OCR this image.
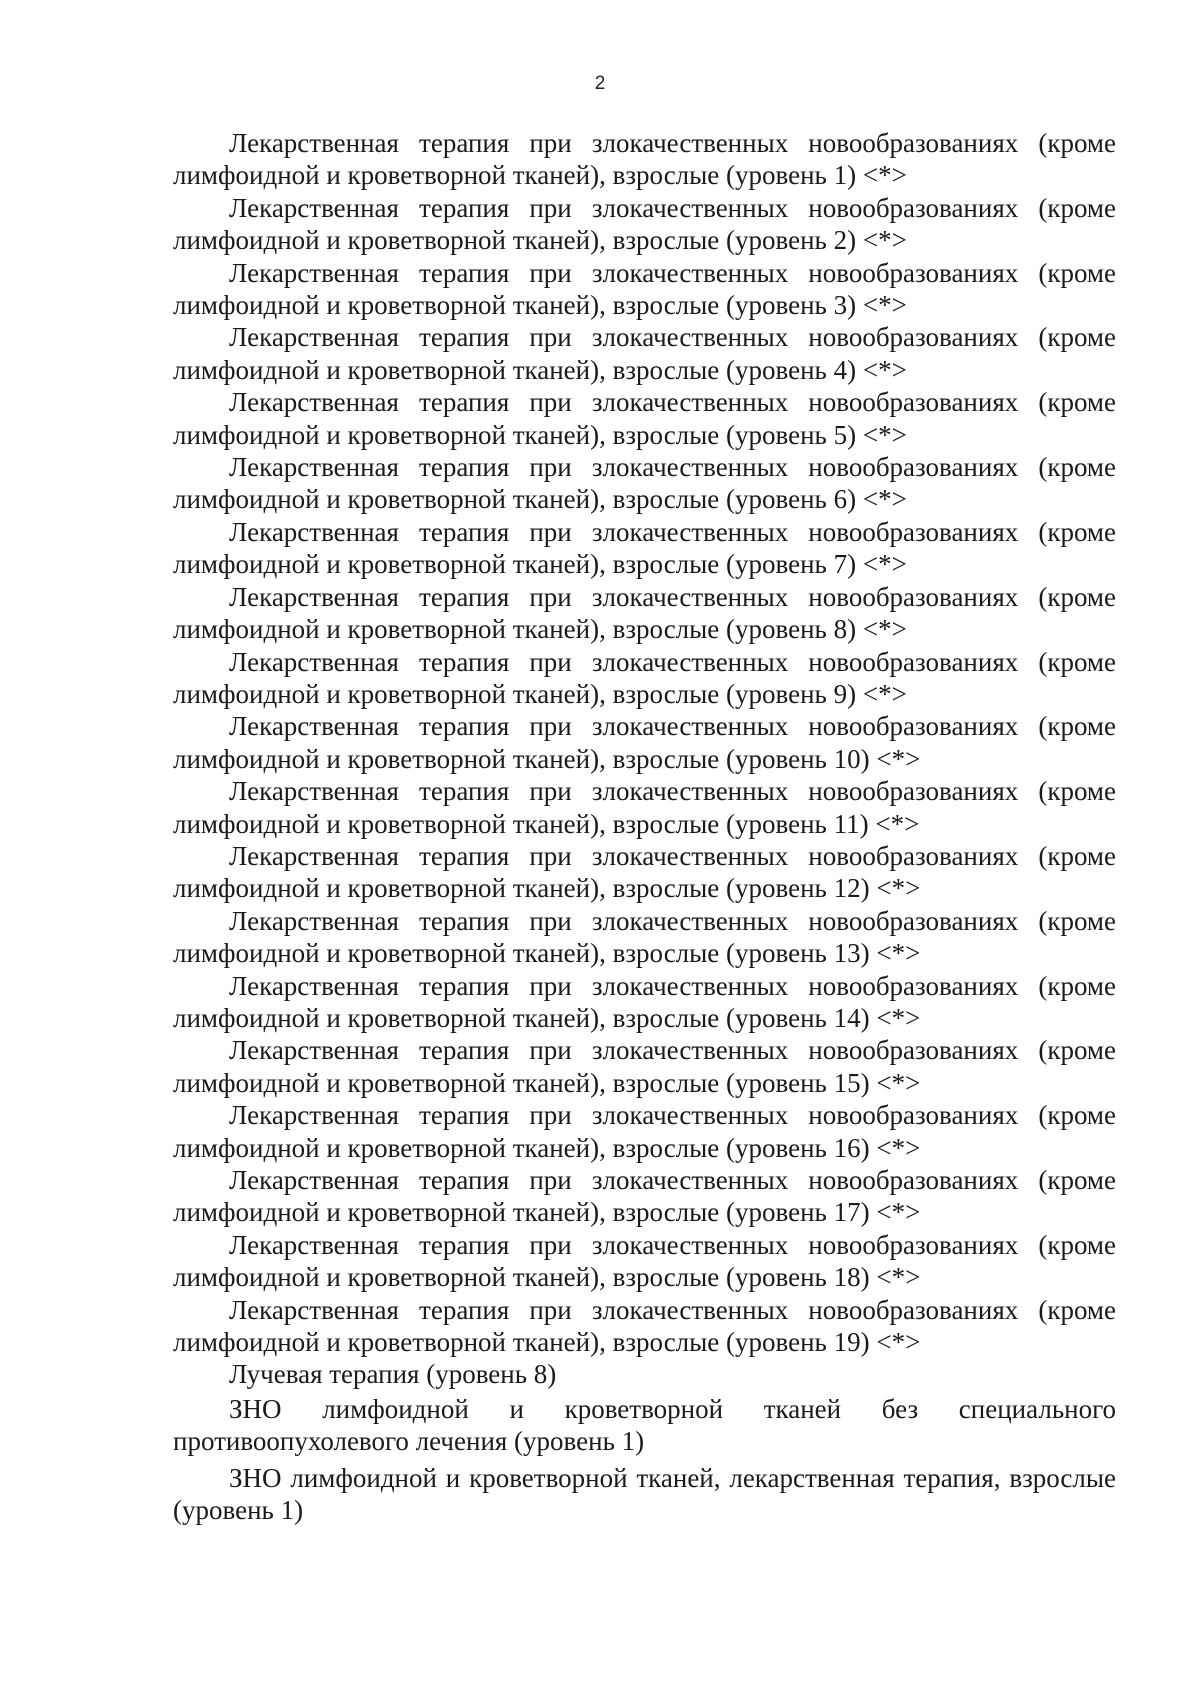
2

Лекарственная терапия при злокачественных новообразованиях (кроме лимфоидной и кроветворной тканей), взрослые (уровень 1) <*>

Лекарственная терапия при злокачественных новообразованиях (кроме лимфоидной и кроветворной тканей), взрослые (уровень 2) <*>

Лекарственная терапия при злокачественных новообразованиях (кроме лимфоидной и кроветворной тканей), взрослые (уровень 3) <*>

Лекарственная терапия при злокачественных новообразованиях (кроме лимфоидной и кроветворной тканей), взрослые (уровень 4) <*>

Лекарственная терапия при злокачественных новообразованиях (кроме лимфоидной и кроветворной тканей), взрослые (уровень 5) <*>

Лекарственная терапия при злокачественных новообразованиях (кроме лимфоидной и кроветворной тканей), взрослые (уровень 6) <*>

Лекарственная терапия при злокачественных новообразованиях (кроме лимфоидной и кроветворной тканей), взрослые (уровень 7) <*>

Лекарственная терапия при злокачественных новообразованиях (кроме лимфоидной и кроветворной тканей), взрослые (уровень 8) <*>

Лекарственная терапия при злокачественных новообразованиях (кроме лимфоидной и кроветворной тканей), взрослые (уровень 9) <*>

Лекарственная терапия при злокачественных новообразованиях (кроме лимфоидной и кроветворной тканей), взрослые (уровень 10) <*>

Лекарственная терапия при злокачественных новообразованиях (кроме лимфоидной и кроветворной тканей), взрослые (уровень 11) <*>

Лекарственная терапия при злокачественных новообразованиях (кроме лимфоидной и кроветворной тканей), взрослые (уровень 12) <*>

Лекарственная терапия при злокачественных новообразованиях (кроме лимфоидной и кроветворной тканей), взрослые (уровень 13) <*>

Лекарственная терапия при злокачественных новообразованиях (кроме лимфоидной и кроветворной тканей), взрослые (уровень 14) <*>

Лекарственная терапия при злокачественных новообразованиях (кроме лимфоидной и кроветворной тканей), взрослые (уровень 15) <*>

Лекарственная терапия при злокачественных новообразованиях (кроме лимфоидной и кроветворной тканей), взрослые (уровень 16) <*>

Лекарственная терапия при злокачественных новообразованиях (кроме лимфоидной и кроветворной тканей), взрослые (уровень 17) <*>

Лекарственная терапия при злокачественных новообразованиях (кроме лимфоидной и кроветворной тканей), взрослые (уровень 18) <*>

Лекарственная терапия при злокачественных новообразованиях (кроме лимфоидной и кроветворной тканей), взрослые (уровень 19) <*>

Лучевая терапия (уровень 8)

ЗНО лимфоидной и кроветворной тканей без специального противоопухолевого лечения (уровень 1)

ЗНО лимфоидной и кроветворной тканей, лекарственная терапия, взрослые (уровень 1)
